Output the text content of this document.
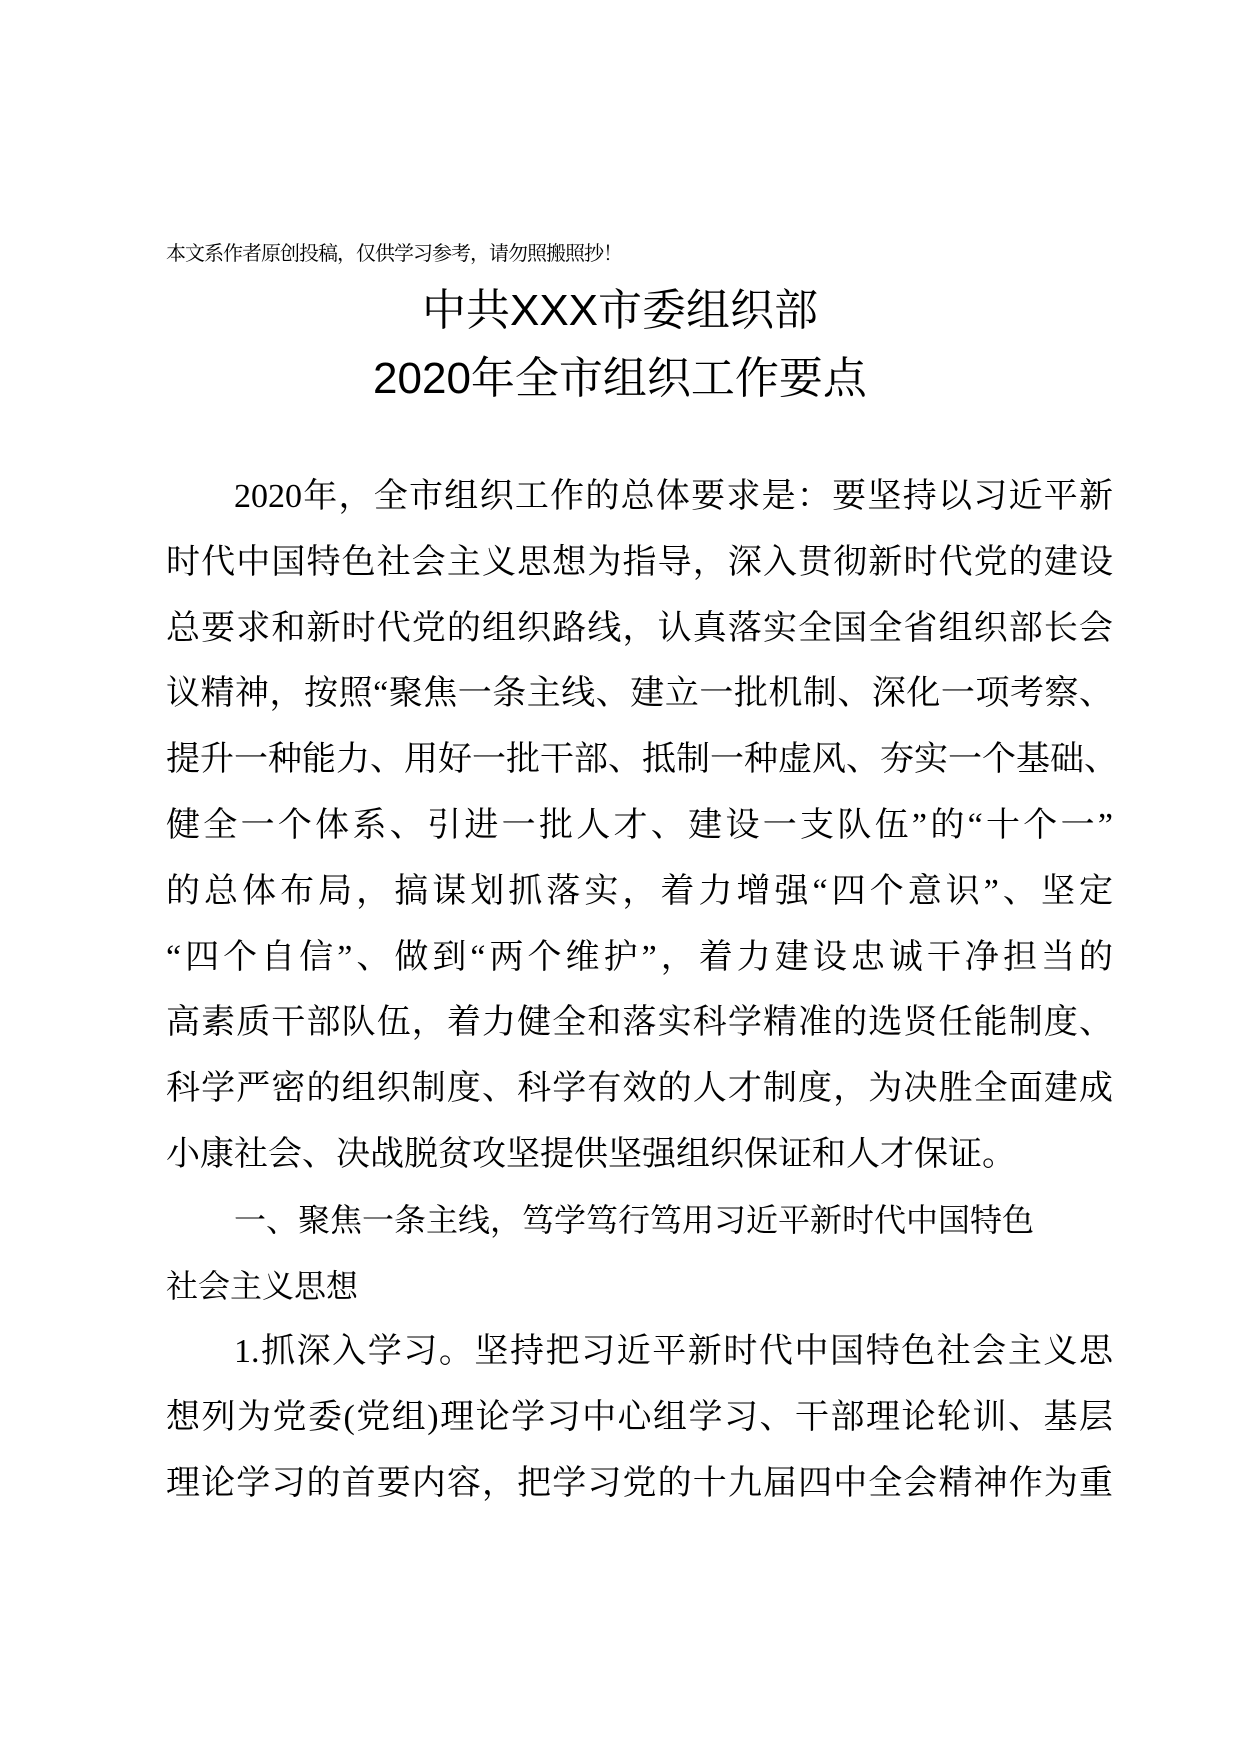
本文系作者原创投稿，仅供学习参考，请勿照搬照抄！
中共XXX市委组织部
2020年全市组织工作要点
2020年，全市组织工作的总体要求是：要坚持以习近平新
时代中国特色社会主义思想为指导，深入贯彻新时代党的建设
总要求和新时代党的组织路线，认真落实全国全省组织部长会
议精神，按照“聚焦一条主线、建立一批机制、深化一项考察、
提升一种能力、用好一批干部、抵制一种虚风、夯实一个基础、
健全一个体系、引进一批人才、建设一支队伍”的“十个一”
的总体布局，搞谋划抓落实，着力增强“四个意识”、坚定
“四个自信”、做到“两个维护”，着力建设忠诚干净担当的
高素质干部队伍，着力健全和落实科学精准的选贤任能制度、
科学严密的组织制度、科学有效的人才制度，为决胜全面建成
小康社会、决战脱贫攻坚提供坚强组织保证和人才保证。
一、聚焦一条主线，笃学笃行笃用习近平新时代中国特色
社会主义思想
1.抓深入学习。坚持把习近平新时代中国特色社会主义思
想列为党委(党组)理论学习中心组学习、干部理论轮训、基层
理论学习的首要内容，把学习党的十九届四中全会精神作为重
